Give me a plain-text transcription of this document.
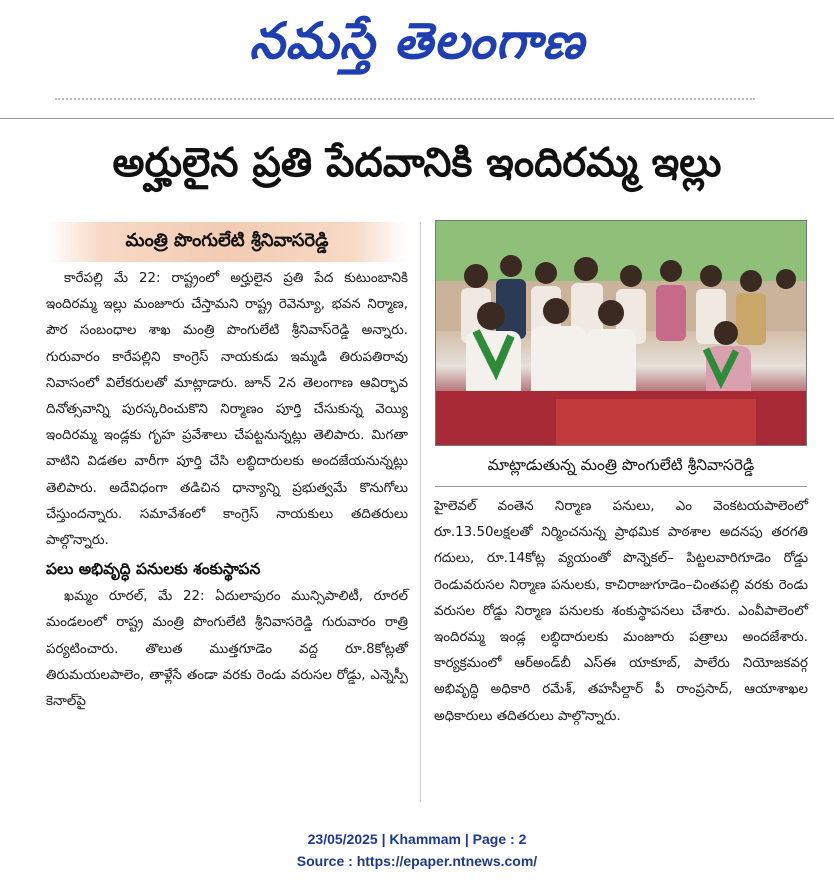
నమస్తే తెలంగాణ
అర్హులైన ప్రతి పేదవానికి ఇందిరమ్మ ఇల్లు
మంత్రి పొంగులేటి శ్రీనివాసరెడ్డి

కారేపల్లి మే 22: రాష్ట్రంలో అర్హులైన ప్రతి పేద కుటుంబానికి ఇందిరమ్మ ఇల్లు మంజూరు చేస్తామని రాష్ట్ర రెవెన్యూ, భవన నిర్మాణ, పౌర సంబంధాల శాఖ మంత్రి పొంగులేటి శ్రీనివాస్‌రెడ్డి అన్నారు. గురువారం కారేపల్లిని కాంగ్రెస్ నాయకుడు ఇమ్మడి తిరుపతిరావు నివాసంలో విలేకరులతో మాట్లాడారు. జూన్ 2న తెలంగాణ ఆవిర్భావ దినోత్సవాన్ని పురస్కరించుకొని నిర్మాణం పూర్తి చేసుకున్న వెయ్యి ఇందిరమ్మ ఇండ్లకు గృహ ప్రవేశాలు చేపట్టనున్నట్లు తెలిపారు. మిగతా వాటిని విడతల వారీగా పూర్తి చేసి లబ్ధిదారులకు అందజేయనున్నట్లు తెలిపారు. అదేవిధంగా తడిచిన ధాన్యాన్ని ప్రభుత్వమే కొనుగోలు చేస్తుందన్నారు. సమావేశంలో కాంగ్రెస్ నాయకులు తదితరులు పాల్గొన్నారు.

పలు అభివృద్ధి పనులకు శంకుస్థాపన

ఖమ్మం రూరల్, మే 22: ఏదులాపురం మున్సిపాలిటీ, రూరల్ మండలంలో రాష్ట్ర మంత్రి పొంగులేటి శ్రీనివాసరెడ్డి గురువారం రాత్రి పర్యటించారు. తొలుత ముత్తగూడెం వద్ద రూ.8కోట్లతో తిరుమయలపాలెం, తాళ్లేసే తండా వరకు రెండు వరుసల రోడ్డు, ఎన్నెస్పీ కెనాల్‌పై

మాట్లాడుతున్న మంత్రి పొంగులేటి శ్రీనివాసరెడ్డి

హైలెవల్ వంతెన నిర్మాణ పనులు, ఎం వెంకటయపాలెంలో రూ.13.50లక్షలతో నిర్మించనున్న ప్రాథమిక పాఠశాల అదనపు తరగతి గదులు, రూ.14కోట్ల వ్యయంతో పొన్నెకల్– పిట్టలవారిగూడెం రోడ్డు రెండువరుసల నిర్మాణ పనులకు, కాచిరాజుగూడెం–చింతపల్లి వరకు రెండు వరుసల రోడ్డు నిర్మాణ పనులకు శంకుస్థాపనలు చేశారు. ఎంవీపాలెంలో ఇందిరమ్మ ఇండ్ల లబ్ధిదారులకు మంజూరు పత్రాలు అందజేశారు. కార్యక్రమంలో ఆర్‌అండ్‌బీ ఎస్‌ఈ యాకూబ్, పాలేరు నియోజకవర్గ అభివృద్ధి అధికారి రమేశ్, తహసీల్దార్ పీ రాంప్రసాద్, ఆయాశాఖల అధికారులు తదితరులు పాల్గొన్నారు.

23/05/2025 | Khammam | Page : 2
Source : https://epaper.ntnews.com/
